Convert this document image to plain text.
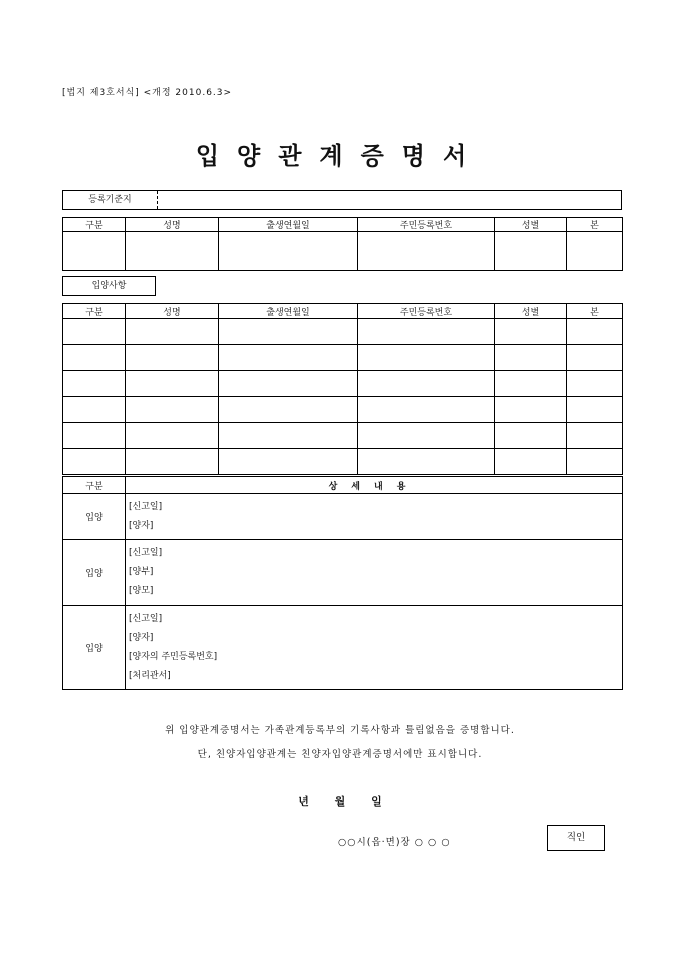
[법지 제3호서식] <개정 2010.6.3>
입양관계증명서
등록기준지
구분	성명	출생연월일	주민등록번호	성별	본

입양사항
구분	성명	출생연월일	주민등록번호	성별	본

구분	상세내용
입양	[신고일]
[양자]

입양	[신고일]
[양부]
[양모]

입양	[신고일]
[양자]
[양자의 주민등록번호]
[처리관서]
위 입양관계증명서는 가족관계등록부의 기록사항과 틀림없음을 증명합니다.
단, 친양자입양관계는 친양자입양관계증명서에만 표시합니다.
년 월 일
○○시(읍·면)장 ○ ○ ○	직인
